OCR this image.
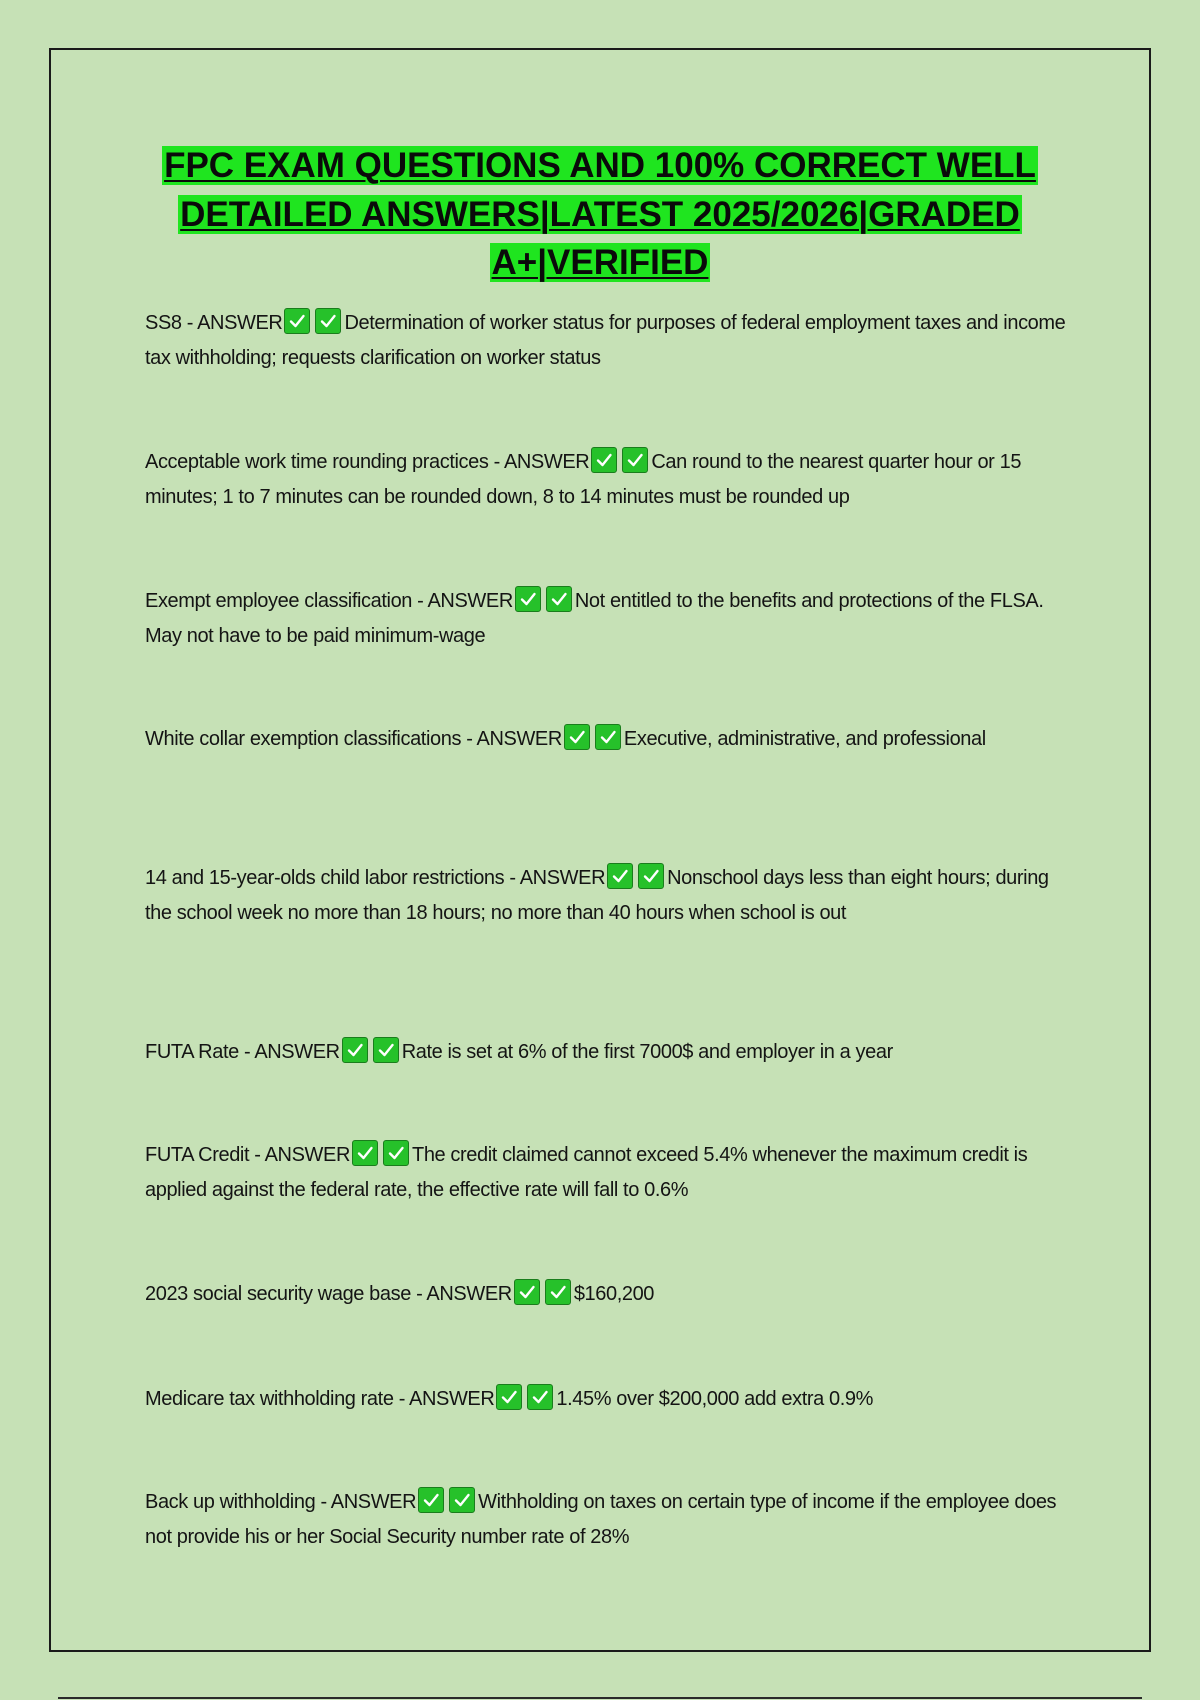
FPC EXAM QUESTIONS AND 100% CORRECT WELL DETAILED ANSWERS|LATEST 2025/2026|GRADED A+|VERIFIED

SS8 - ANSWER	Determination of worker status for purposes of federal employment taxes and income tax withholding; requests clarification on worker status

Acceptable work time rounding practices - ANSWER	Can round to the nearest quarter hour or 15 minutes; 1 to 7 minutes can be rounded down, 8 to 14 minutes must be rounded up

Exempt employee classification - ANSWER	Not entitled to the benefits and protections of the FLSA. May not have to be paid minimum-wage

White collar exemption classifications - ANSWER	Executive, administrative, and professional

14 and 15-year-olds child labor restrictions - ANSWER	Nonschool days less than eight hours; during the school week no more than 18 hours; no more than 40 hours when school is out

FUTA Rate - ANSWER	Rate is set at 6% of the first 7000$ and employer in a year

FUTA Credit - ANSWER	The credit claimed cannot exceed 5.4% whenever the maximum credit is applied against the federal rate, the effective rate will fall to 0.6%

2023 social security wage base - ANSWER	$160,200

Medicare tax withholding rate - ANSWER	1.45% over $200,000 add extra 0.9%

Back up withholding - ANSWER	Withholding on taxes on certain type of income if the employee does not provide his or her Social Security number rate of 28%
